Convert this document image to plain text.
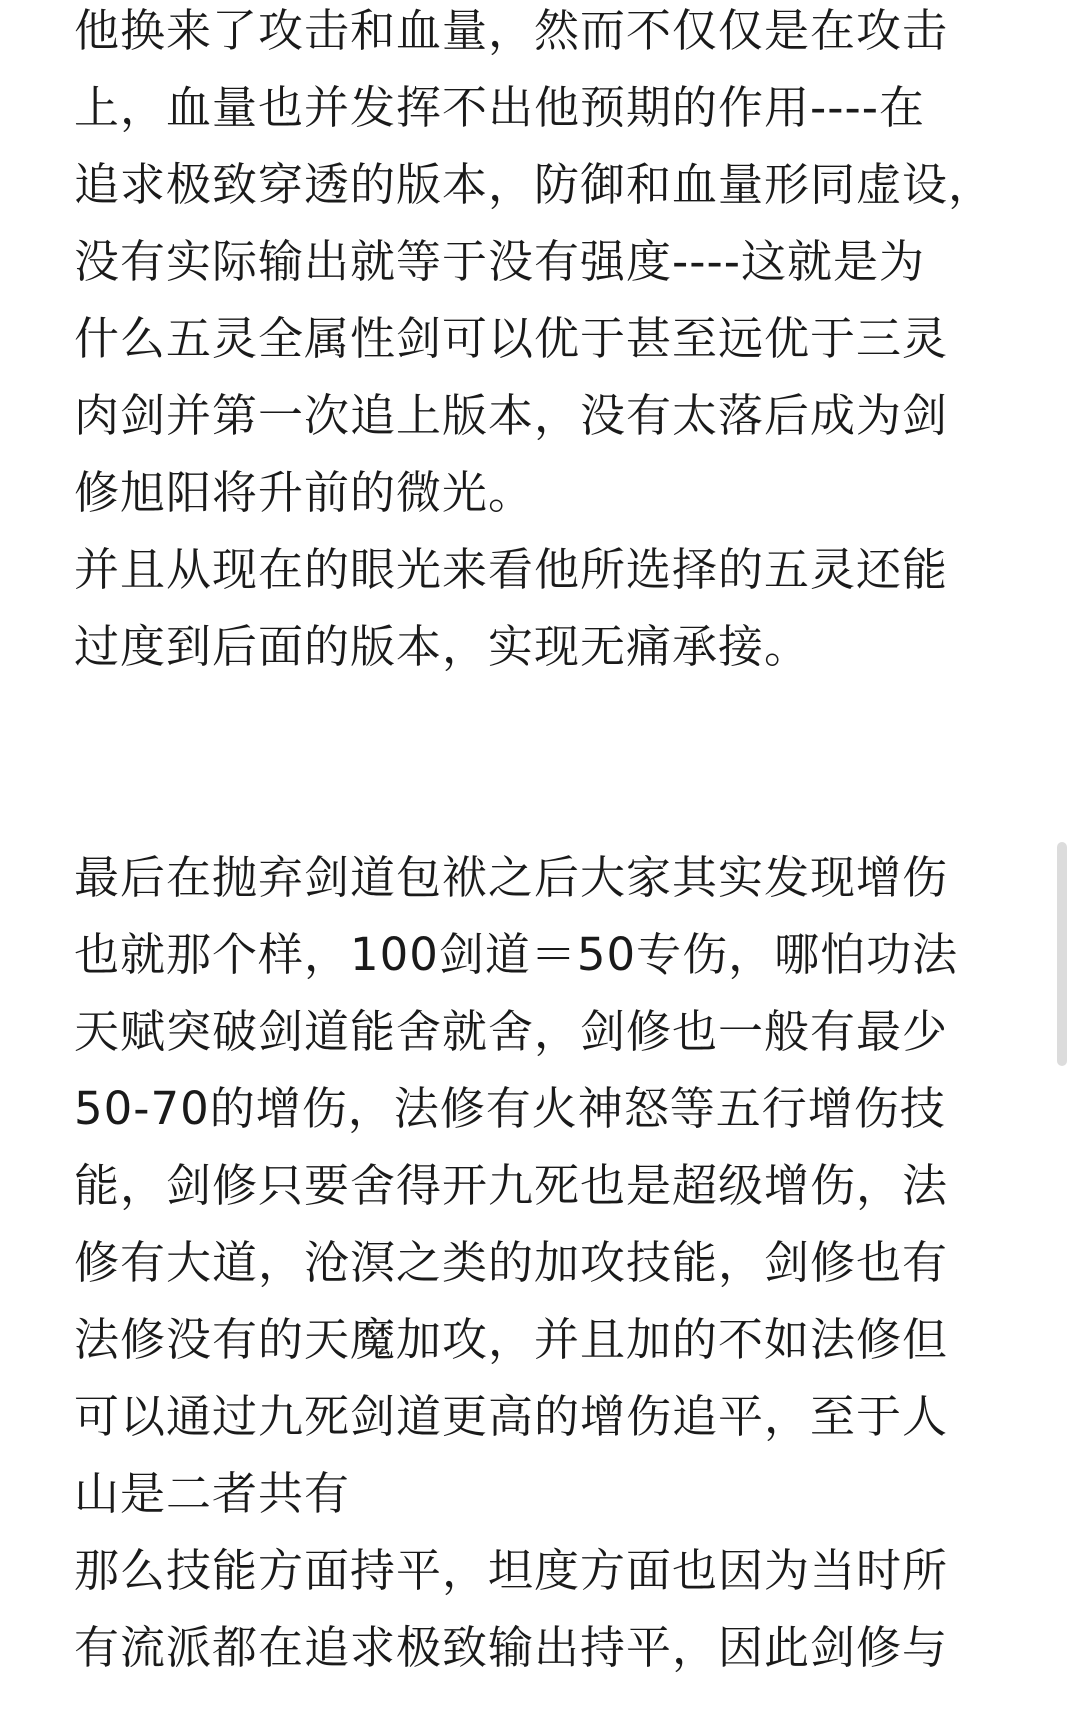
他换来了攻击和血量，然而不仅仅是在攻击
上，血量也并发挥不出他预期的作用----在
追求极致穿透的版本，防御和血量形同虚设，
没有实际输出就等于没有强度----这就是为
什么五灵全属性剑可以优于甚至远优于三灵
肉剑并第一次追上版本，没有太落后成为剑
修旭阳将升前的微光。

并且从现在的眼光来看他所选择的五灵还能
过度到后面的版本，实现无痛承接。

最后在抛弃剑道包袱之后大家其实发现增伤
也就那个样，100剑道＝50专伤，哪怕功法
天赋突破剑道能舍就舍，剑修也一般有最少
50-70的增伤，法修有火神怒等五行增伤技
能，剑修只要舍得开九死也是超级增伤，法
修有大道，沧溟之类的加攻技能，剑修也有
法修没有的天魔加攻，并且加的不如法修但
可以通过九死剑道更高的增伤追平，至于人
山是二者共有

那么技能方面持平，坦度方面也因为当时所
有流派都在追求极致输出持平，因此剑修与
